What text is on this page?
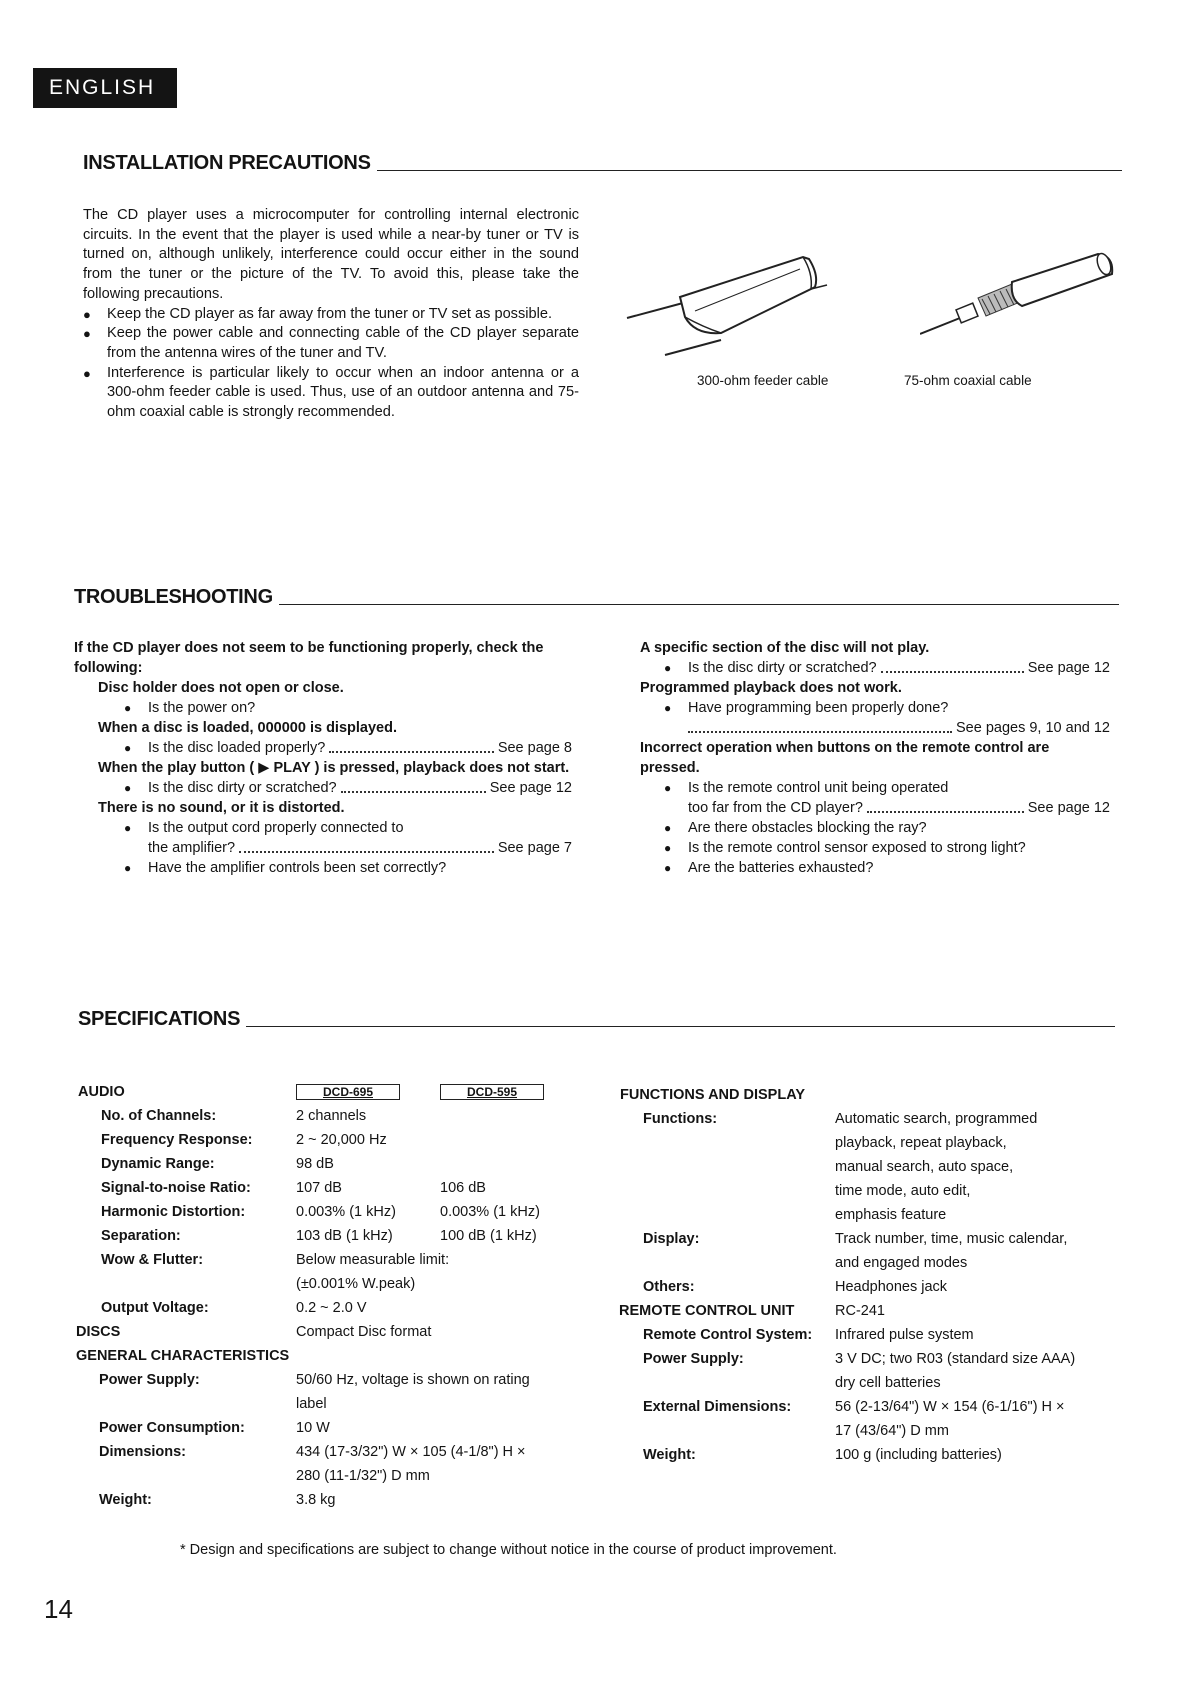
ENGLISH
INSTALLATION PRECAUTIONS

The CD player uses a microcomputer for controlling internal electronic circuits. In the event that the player is used while a near-by tuner or TV is turned on, although unlikely, interference could occur either in the sound from the tuner or the picture of the TV. To avoid this, please take the following precautions.

●	Keep the CD player as far away from the tuner or TV set as possible.
●	Keep the power cable and connecting cable of the CD player separate from the antenna wires of the tuner and TV.
●	Interference is particular likely to occur when an indoor antenna or a 300-ohm feeder cable is used. Thus, use of an outdoor antenna and 75-ohm coaxial cable is strongly recommended.
300-ohm feeder cable	75-ohm coaxial cable
TROUBLESHOOTING
If the CD player does not seem to be functioning properly, check the following:
Disc holder does not open or close.
●	Is the power on?
When a disc is loaded, 000000 is displayed.
●	Is the disc loaded properly?	See page 8
When the play button ( ▶ PLAY ) is pressed, playback does not start.
●	Is the disc dirty or scratched?	See page 12
There is no sound, or it is distorted.
●	Is the output cord properly connected to
the amplifier?	See page 7
●	Have the amplifier controls been set correctly?
A specific section of the disc will not play.
●	Is the disc dirty or scratched?	See page 12
Programmed playback does not work.
●	Have programming been properly done?
See pages 9, 10 and 12
Incorrect operation when buttons on the remote control are pressed.
●	Is the remote control unit being operated
too far from the CD player?	See page 12
●	Are there obstacles blocking the ray?
●	Is the remote control sensor exposed to strong light?
●	Are the batteries exhausted?
SPECIFICATIONS
AUDIO	DCD-695	DCD-595
No. of Channels:	2 channels
Frequency Response:	2 ~ 20,000 Hz
Dynamic Range:	98 dB
Signal-to-noise Ratio:	107 dB	106 dB
Harmonic Distortion:	0.003% (1 kHz)	0.003% (1 kHz)
Separation:	103 dB (1 kHz)	100 dB (1 kHz)
Wow & Flutter:	Below measurable limit:
(±0.001% W.peak)
Output Voltage:	0.2 ~ 2.0 V
DISCS	Compact Disc format
GENERAL CHARACTERISTICS
Power Supply:	50/60 Hz, voltage is shown on rating
label
Power Consumption:	10 W
Dimensions:	434 (17-3/32") W × 105 (4-1/8") H ×
280 (11-1/32") D mm
Weight:	3.8 kg
FUNCTIONS AND DISPLAY
Functions:	Automatic search, programmed
playback, repeat playback,
manual search, auto space,
time mode, auto edit,
emphasis feature
Display:	Track number, time, music calendar,
and engaged modes
Others:	Headphones jack
REMOTE CONTROL UNIT	RC-241
Remote Control System: Infrared pulse system
Power Supply:	3 V DC; two R03 (standard size AAA)
dry cell batteries
External Dimensions:	56 (2-13/64") W × 154 (6-1/16") H ×
17 (43/64") D mm
Weight:	100 g (including batteries)
* Design and specifications are subject to change without notice in the course of product improvement.
14
